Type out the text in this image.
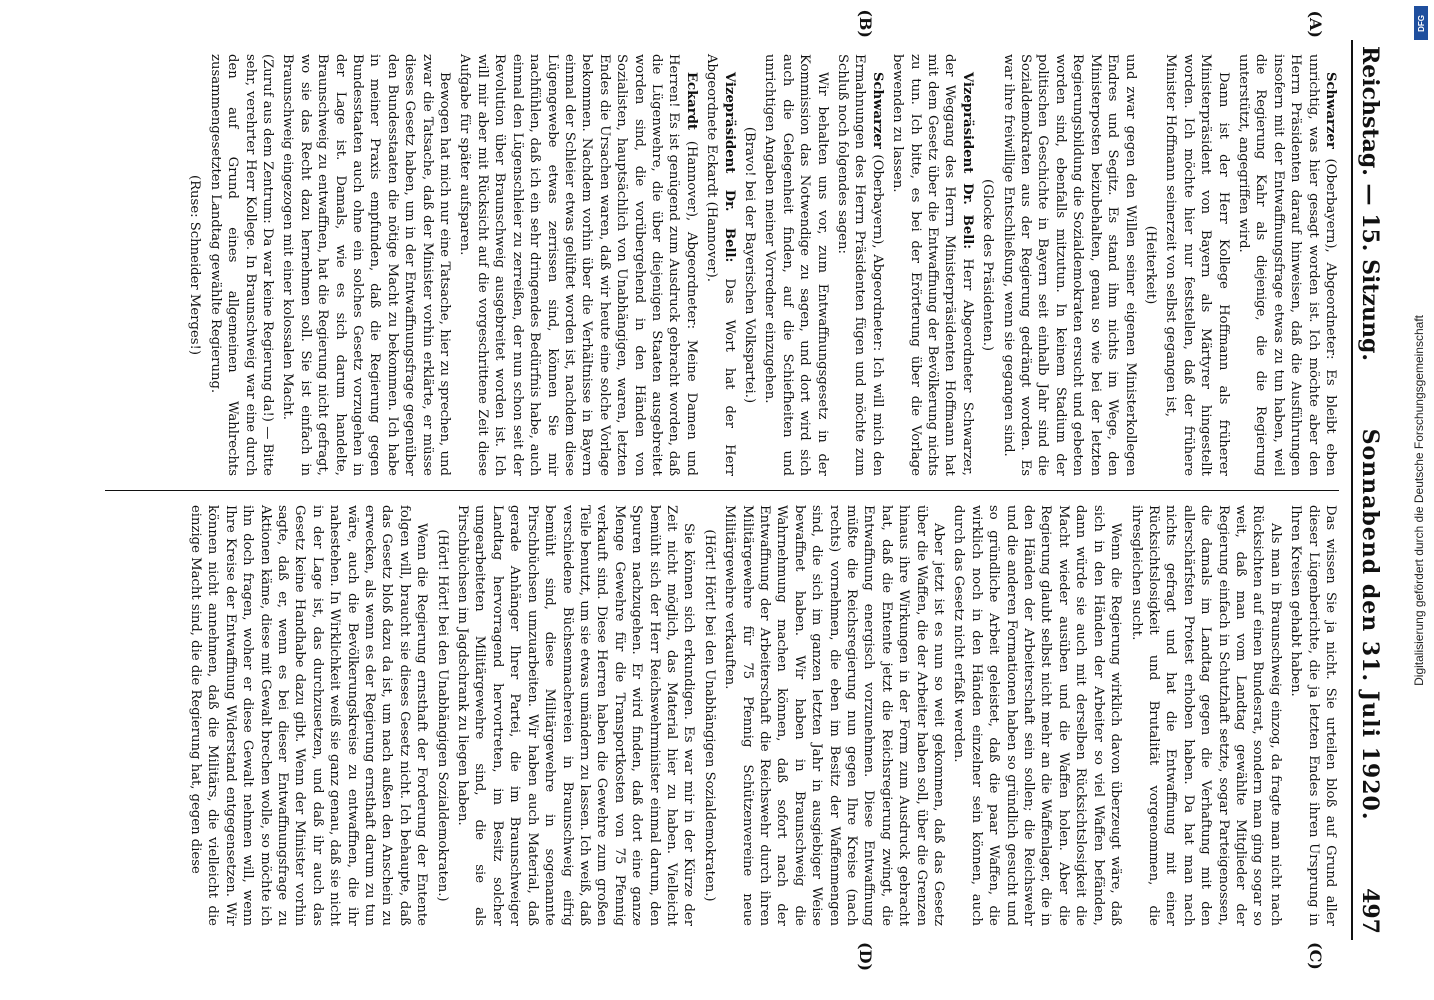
Reichstag. — 15. Sitzung.
Sonnabend den 31. Juli 1920.
497
(A)
(B)
(C)
(D)

Schwarzer (Oberbayern), Abgeordneter: Es bleibt eben unrichtig, was hier gesagt worden ist. Ich möchte aber den Herrn Präsidenten darauf hinweisen, daß die Ausführungen insofern mit der Entwaffnungsfrage etwas zu tun haben, weil die Regierung Kahr als diejenige, die die Regierung unterstützt, angegriffen wird.

Dann ist der Herr Kollege Hoffmann als früherer Ministerpräsident von Bayern als Märtyrer hingestellt worden. Ich möchte hier nur feststellen, daß der frühere Minister Hoffmann seinerzeit von selbst gegangen ist,

(Heiterkeit)

und zwar gegen den Willen seiner eigenen Ministerkollegen Endres und Segitz. Es stand ihm nichts im Wege, den Ministerposten beizubehalten, genau so wie bei der letzten Regierungsbildung die Sozialdemokraten ersucht und gebeten worden sind, ebenfalls mitzutun. In keinem Stadium der politischen Geschichte in Bayern seit einhalb Jahr sind die Sozialdemokraten aus der Regierung gedrängt worden. Es war ihre freiwillige Entschließung, wenn sie gegangen sind.

(Glocke des Präsidenten.)

Vizepräsident Dr. Bell: Herr Abgeordneter Schwarzer, der Weggang des Herrn Ministerpräsidenten Hoffmann hat mit dem Gesetz über die Entwaffnung der Bevölkerung nichts zu tun. Ich bitte, es bei der Erörterung über die Vorlage bewenden zu lassen.

Schwarzer (Oberbayern), Abgeordneter: Ich will mich den Ermahnungen des Herrn Präsidenten fügen und möchte zum Schluß noch folgendes sagen:

Wir behalten uns vor, zum Entwaffnungsgesetz in der Kommission das Notwendige zu sagen, und dort wird sich auch die Gelegenheit finden, auf die Schiefheiten und unrichtigen Angaben meiner Vorredner einzugehen.

(Bravo! bei der Bayerischen Volkspartei.)

Vizepräsident Dr. Bell: Das Wort hat der Herr Abgeordnete Eckardt (Hannover).

Eckardt (Hannover), Abgeordneter: Meine Damen und Herren! Es ist genügend zum Ausdruck gebracht worden, daß die Lügenwehre, die über diejenigen Staaten ausgebreitet worden sind, die vorübergehend in den Händen von Sozialisten, hauptsächlich von Unabhängigen, waren, letzten Endes die Ursachen waren, daß wir heute eine solche Vorlage bekommen. Nachdem vorhin über die Verhältnisse in Bayern einmal der Schleier etwas gelüftet worden ist, nachdem diese Lügengewebe etwas zerrissen sind, können Sie mir nachfühlen, daß ich ein sehr dringendes Bedürfnis habe, auch einmal den Lügenschleier zu zerreißen, der nun schon seit der Revolution über Braunschweig ausgebreitet worden ist. Ich will mir aber mit Rücksicht auf die vorgeschrittene Zeit diese Aufgabe für später aufsparen.

Bewogen hat mich nur eine Tatsache, hier zu sprechen, und zwar die Tatsache, daß der Minister vorhin erklärte, er müsse dieses Gesetz haben, um in der Entwaffnungsfrage gegenüber den Bundesstaaten die nötige Macht zu bekommen. Ich habe in meiner Praxis empfunden, daß die Regierung gegen Bundesstaaten auch ohne ein solches Gesetz vorzugehen in der Lage ist. Damals, wie es sich darum handelte, Braunschweig zu entwaffnen, hat die Regierung nicht gefragt, wo sie das Recht dazu hernehmen soll. Sie ist einfach in Braunschweig eingezogen mit einer kolossalen Macht.

(Zuruf aus dem Zentrum: Da war keine Regierung da!) — Bitte sehr, verehrter Herr Kollege. In Braunschweig war eine durch den auf Grund eines allgemeinen Wahlrechts zusammengesetzten Landtag gewählte Regierung.

(Ruse: Schneider Merges!)

Das wissen Sie ja nicht. Sie urteilen bloß auf Grund aller dieser Lügenberichte, die ja letzten Endes ihren Ursprung in Ihren Kreisen gehabt haben.

Als man in Braunschweig einzog, da fragte man nicht nach Rücksichten auf einen Bundesrat, sondern man ging sogar so weit, daß man vom Landtag gewählte Mitglieder der Regierung einfach in Schutzhaft setzte, sogar Parteigenossen, die damals im Landtag gegen die Verhaftung mit den allerschärfsten Protest erhoben haben. Da hat man nach nichts gefragt und hat die Entwaffnung mit einer Rücksichtslosigkeit und Brutalität vorgenommen, die ihresgleichen sucht.

Wenn die Regierung wirklich davon überzeugt wäre, daß sich in den Händen der Arbeiter so viel Waffen befänden, dann würde sie auch mit derselben Rücksichtslosigkeit die Macht wieder ausüben und die Waffen holen. Aber die Regierung glaubt selbst nicht mehr an die Waffenlager, die in den Händen der Arbeiterschaft sein sollen; die Reichswehr und die anderen Formationen haben so gründlich gesucht und so gründliche Arbeit geleistet, daß die paar Waffen, die wirklich noch in den Händen einzelner sein können, auch durch das Gesetz nicht erfaßt werden.

Aber jetzt ist es nun so weit gekommen, daß das Gesetz über die Waffen, die der Arbeiter haben soll, über die Grenzen hinaus ihre Wirkungen in der Form zum Ausdruck gebracht hat, daß die Entente jetzt die Reichsregierung zwingt, die Entwaffnung energisch vorzunehmen. Diese Entwaffnung müßte die Reichsregierung nun gegen Ihre Kreise (nach rechts) vornehmen, die eben im Besitz der Waffenmengen sind, die sich im ganzen letzten Jahr in ausgiebiger Weise bewaffnet haben. Wir haben in Braunschweig die Wahrnehmung machen können, daß sofort nach der Entwaffnung der Arbeiterschaft die Reichswehr durch ihren Militärgewehre für 75 Pfennig Schützenvereine neue Militärgewehre verkauften.

(Hört! Hört! bei den Unabhängigen Sozialdemokraten.)

Sie können sich erkundigen. Es war mir in der Kürze der Zeit nicht möglich, das Material hier zu haben. Vielleicht bemüht sich der Herr Reichswehrminister einmal darum, den Spuren nachzugehen. Er wird finden, daß dort eine ganze Menge Gewehre für die Transportkosten von 75 Pfennig verkauft sind. Diese Herren haben die Gewehre zum großen Teile benutzt, um sie etwas umändern zu lassen. Ich weiß, daß verschiedene Büchsenmachereien in Braunschweig eifrig bemüht sind, diese Militärgewehre in sogenannte Pirschbüchsen umzuarbeiten. Wir haben auch Material, daß gerade Anhänger Ihrer Partei, die im Braunschweiger Landtag hervorragend hervortreten, im Besitz solcher umgearbeiteten Militärgewehre sind, die sie als Pirschbüchsen im Jagdschrank zu liegen haben.

(Hört! Hört! bei den Unabhängigen Sozialdemokraten.)

Wenn die Regierung ernsthaft der Forderung der Entente folgen will, braucht sie dieses Gesetz nicht. Ich behaupte, daß das Gesetz bloß dazu da ist, um nach außen den Anschein zu erwecken, als wenn es der Regierung ernsthaft darum zu tun wäre, auch die Bevölkerungskreise zu entwaffnen, die ihr nahestehen. In Wirklichkeit weiß sie ganz genau, daß sie nicht in der Lage ist, das durchzusetzen, und daß ihr auch das Gesetz keine Handhabe dazu gibt. Wenn der Minister vorhin sagte, daß er, wenn es bei dieser Entwaffnungsfrage zu Aktionen käme, diese mit Gewalt brechen wolle, so möchte ich ihn doch fragen, woher er diese Gewalt nehmen will, wenn Ihre Kreise der Entwaffnung Widerstand entgegensetzen. Wir können nicht annehmen, daß die Militärs, die vielleicht die einzige Macht sind, die die Regierung hat, gegen diese

Digitalisierung gefördert durch die Deutsche Forschungsgemeinschaft
DFG
